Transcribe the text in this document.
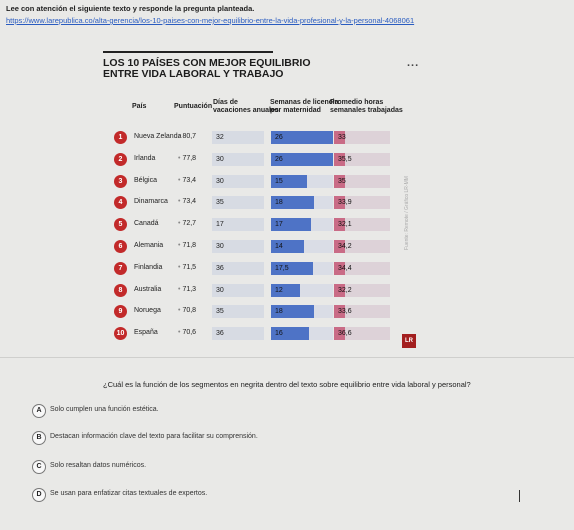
Lee con atención el siguiente texto y responde la pregunta planteada.
https://www.larepublica.co/alta-gerencia/los-10-paises-con-mejor-equilibrio-entre-la-vida-profesional-y-la-personal-4068061
LOS 10 PAÍSES CON MEJOR EQUILIBRIO
ENTRE VIDA LABORAL Y TRABAJO
...
País	Puntuación
Días de
vacaciones anuales
Semanas de licencia
por maternidad
Promedio horas
semanales trabajadas
1	Nueva Zelanda • 80,7	32	26	33
2	Irlanda	• 77,8	30	26	35,5
3	Bélgica	• 73,4	30	15	35
4	Dinamarca	• 73,4	35	18	33,9
5	Canadá	• 72,7	17	17	32,1
6	Alemania	• 71,8	30	14	34,2
7	Finlandia	• 71,5	36	17,5	34,4
8	Australia	• 71,3	30	12	32,2
9	Noruega	• 70,8	35	18	33,6
10	España	• 70,6	36	16	36,6
Fuente: Remote / Gráfico LR-MM
LR
¿Cuál es la función de los segmentos en negrita dentro del texto sobre equilibrio entre vida laboral y personal?
A	Solo cumplen una función estética.
B	Destacan información clave del texto para facilitar su comprensión.
C	Solo resaltan datos numéricos.
D	Se usan para enfatizar citas textuales de expertos.
